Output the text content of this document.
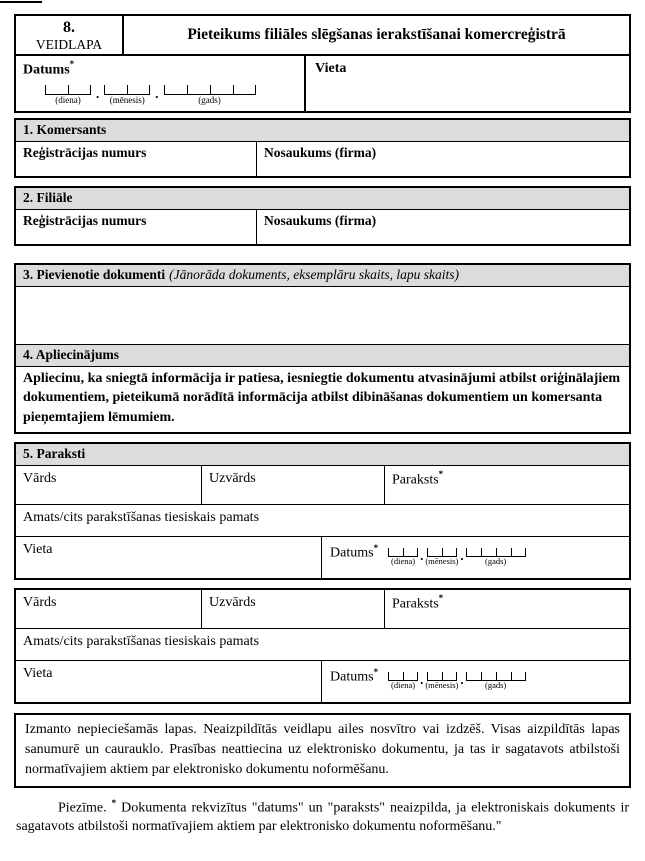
8.
VEIDLAPA
Pieteikums filiāles slēgšanas ierakstīšanai komercreģistrā
Datums*

(diena)	.	(mēnesis) .	(gads)
Vieta
1. Komersants
Reģistrācijas numurs	Nosaukums (firma)
2. Filiāle
Reģistrācijas numurs	Nosaukums (firma)
3. Pievienotie dokumenti (Jānorāda dokuments, eksemplāru skaits, lapu skaits)
4. Apliecinājums
Apliecinu, ka sniegtā informācija ir patiesa, iesniegtie dokumentu atvasinājumi atbilst oriģinālajiem dokumentiem, pieteikumā norādītā informācija atbilst dibināšanas dokumentiem un komersanta pieņemtajiem lēmumiem.
5. Paraksti
Vārds	Uzvārds	Paraksts*
Amats/cits parakstīšanas tiesiskais pamats
Vieta	Datums*
(diena) . (mēnesis) .	(gads)
Vārds	Uzvārds	Paraksts*
Amats/cits parakstīšanas tiesiskais pamats
Vieta	Datums*
(diena) . (mēnesis) .	(gads)
Izmanto nepieciešamās lapas. Neaizpildītās veidlapu ailes nosvītro vai izdzēš. Visas aizpildītās lapas sanumurē un caurauklo. Prasības neattiecina uz elektronisko dokumentu, ja tas ir sagatavots atbilstoši normatīvajiem aktiem par elektronisko dokumentu noformēšanu.

Piezīme. * Dokumenta rekvizītus "datums" un "paraksts" neaizpilda, ja elektroniskais dokuments ir sagatavots atbilstoši normatīvajiem aktiem par elektronisko dokumentu noformēšanu."
